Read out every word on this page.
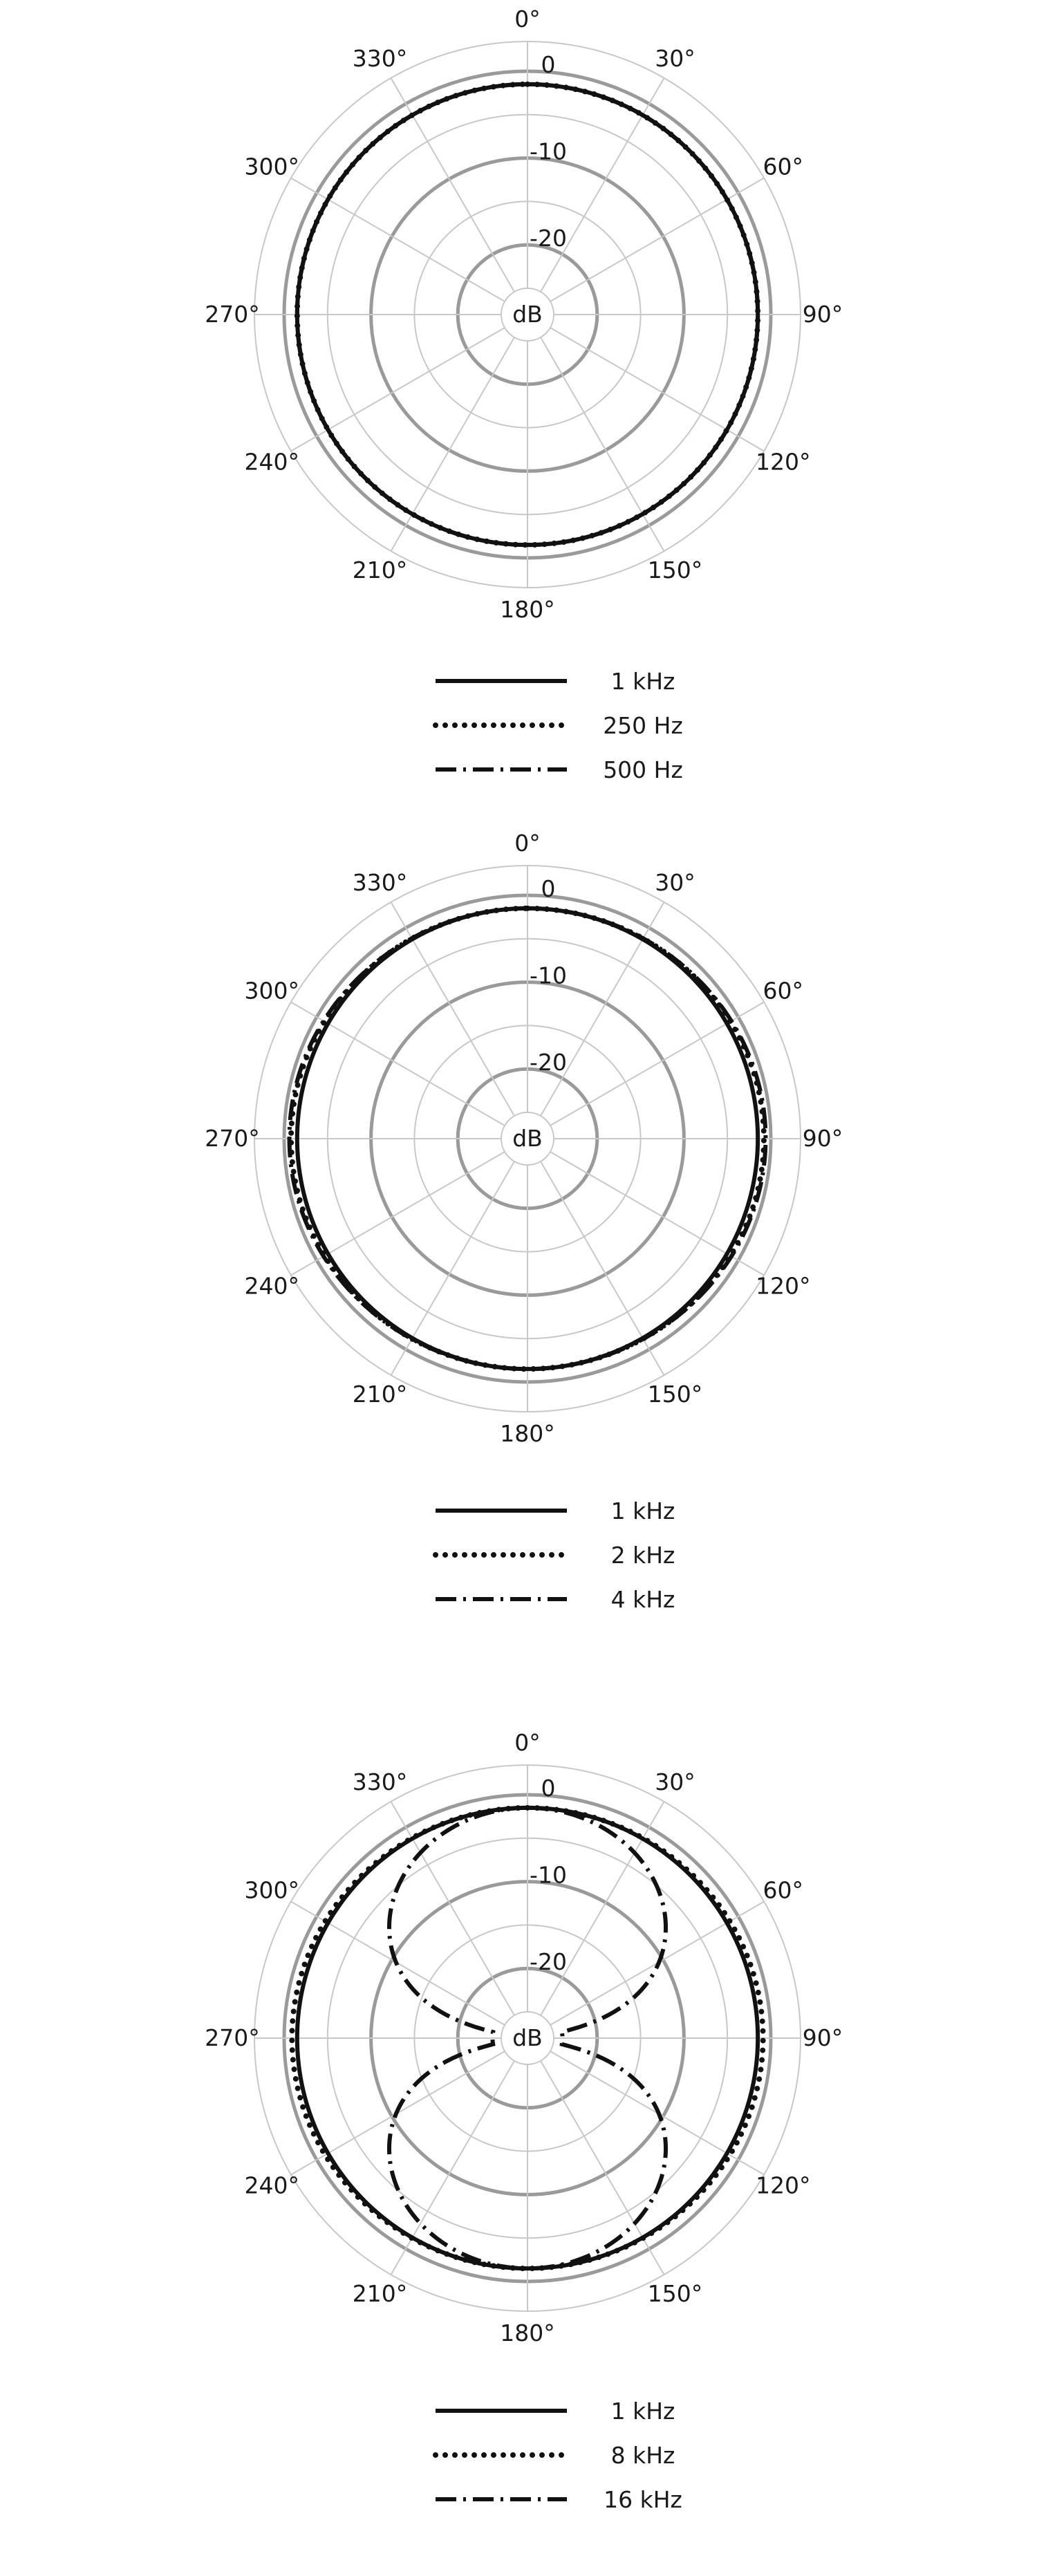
0°
30°
60°
90°
120°
150°
180°
210°
240°
270°
300°
330°	0
-10
-20
dB
1 kHz
250 Hz
500 Hz
0°
30°
60°
90°
120°
150°
180°
210°
240°
270°
300°
330°	0
-10
-20
dB
1 kHz
2 kHz
4 kHz
0°
30°
60°
90°
120°
150°
180°
210°
240°
270°
300°
330°	0
-10
-20
dB
1 kHz
8 kHz
16 kHz
